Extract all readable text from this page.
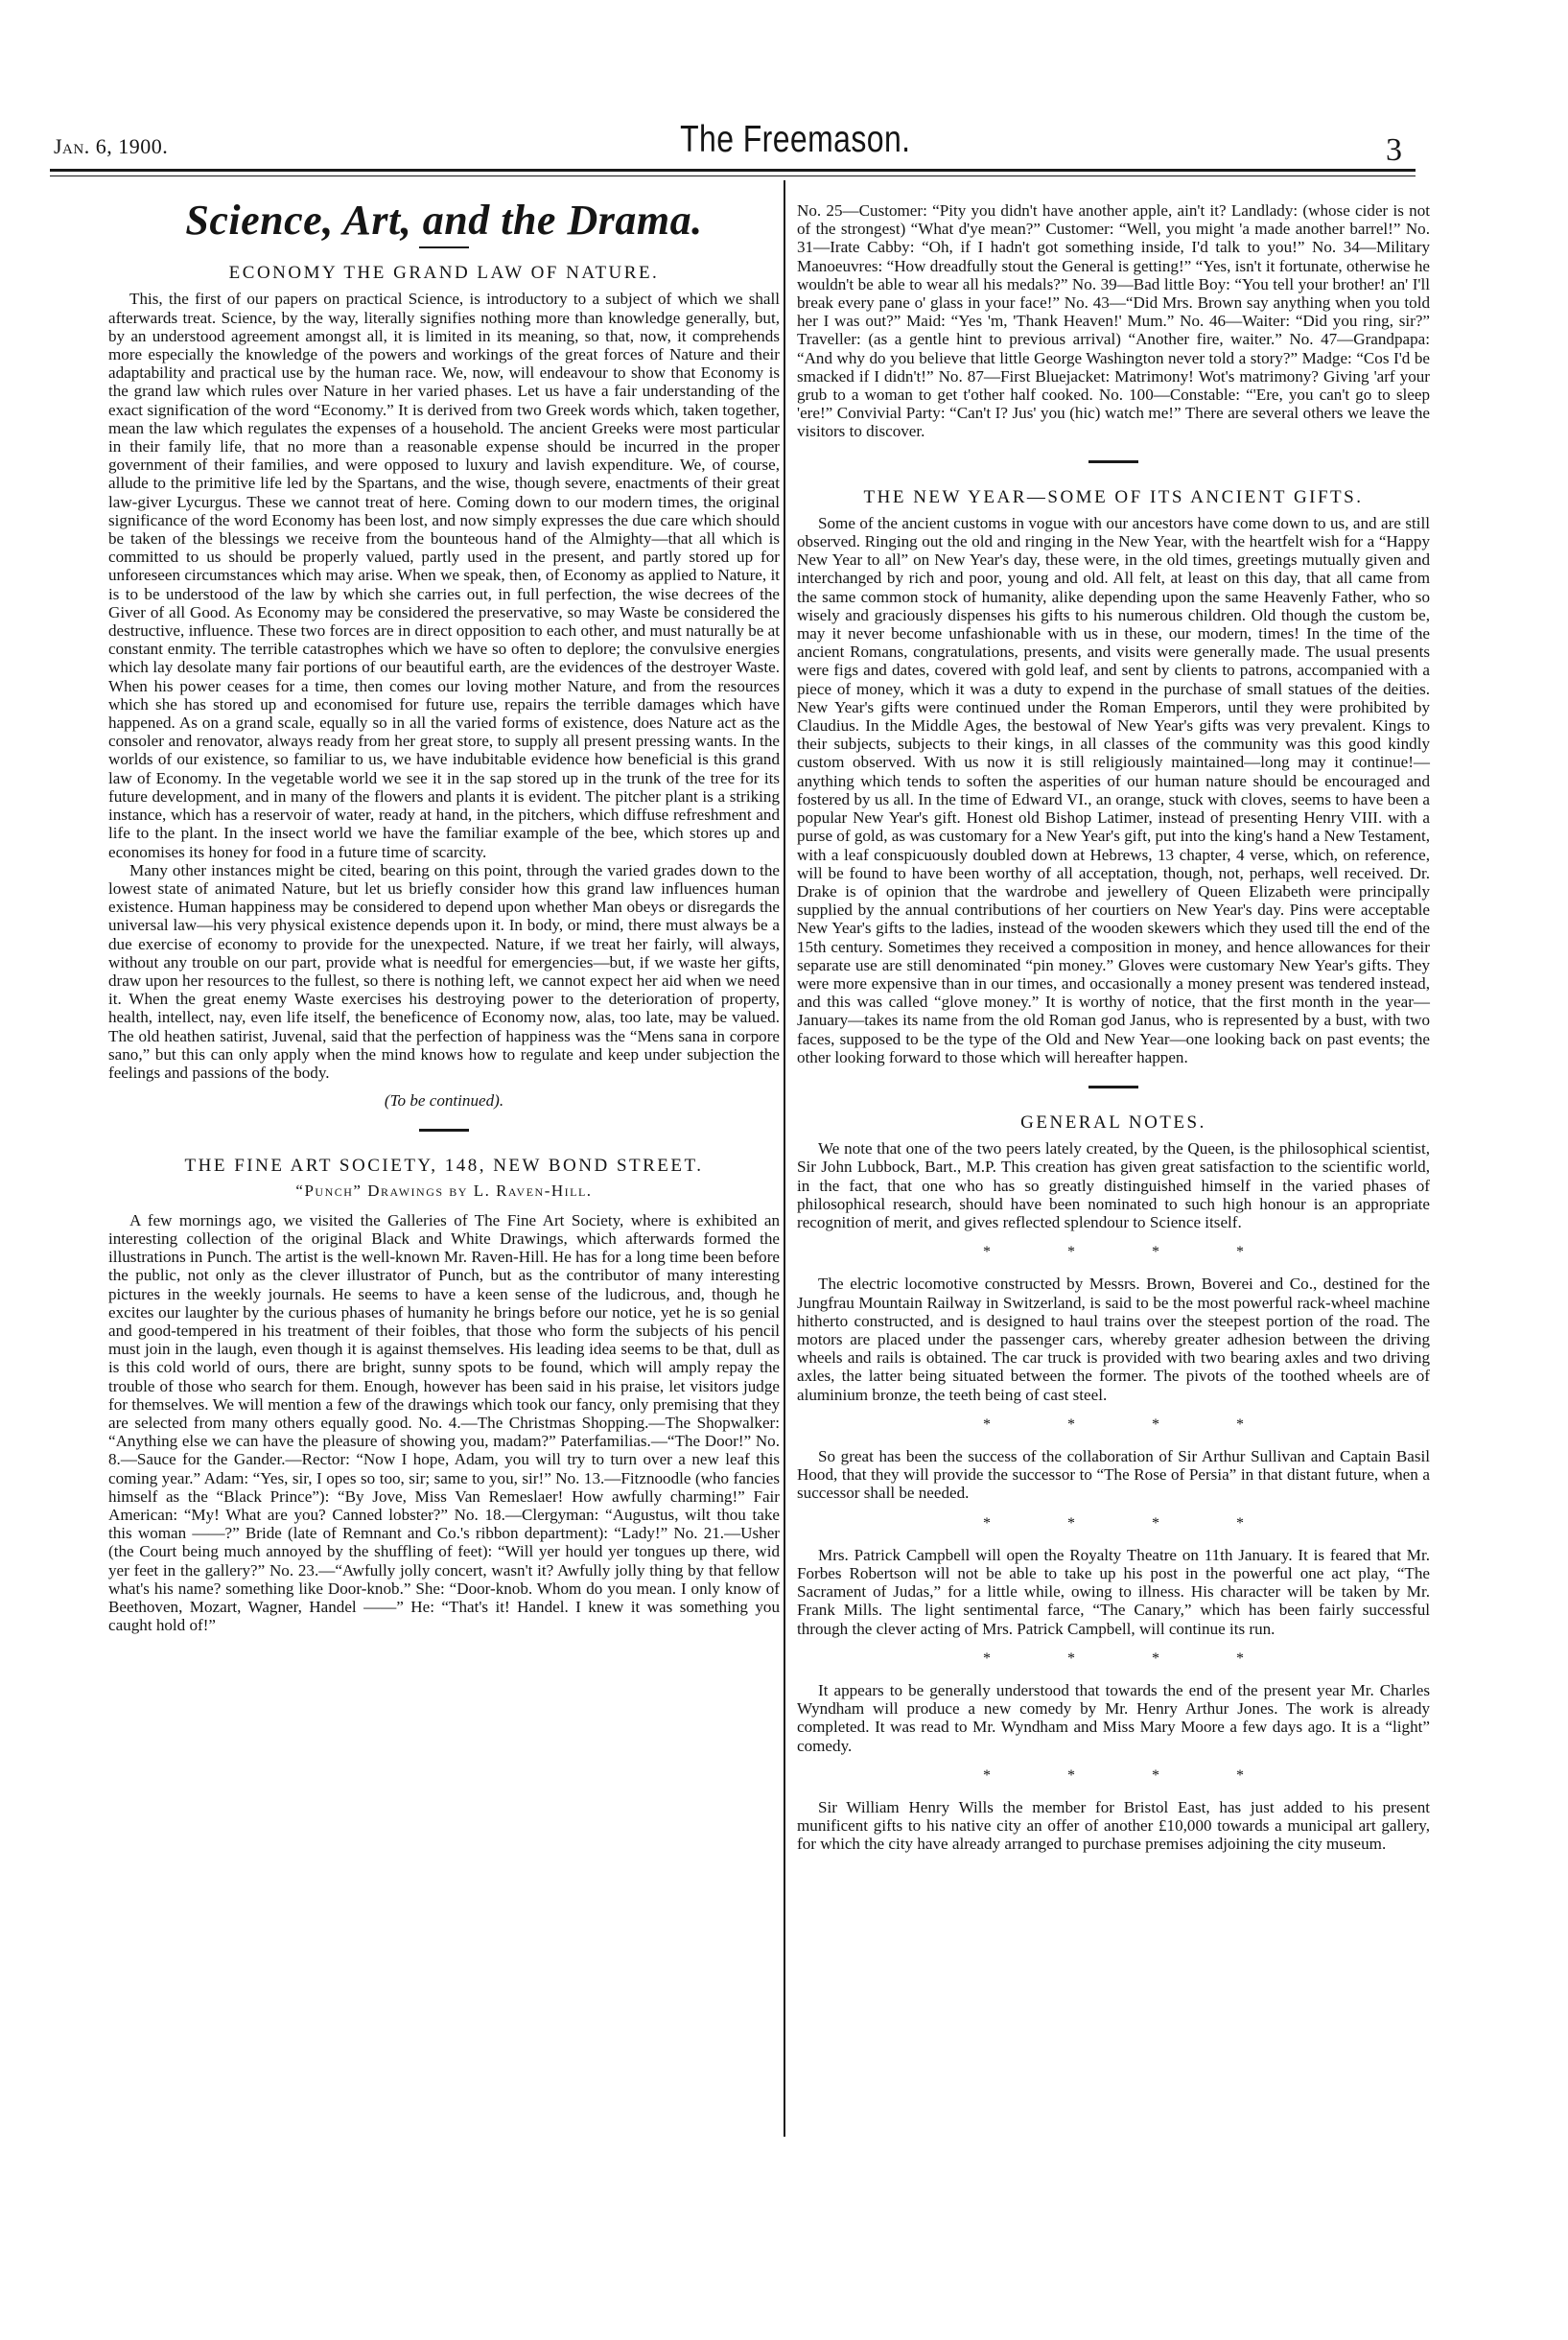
Jan. 6, 1900.	The Freemason.	3
Science, Art, and the Drama.
ECONOMY THE GRAND LAW OF NATURE.

This, the first of our papers on practical Science, is introductory to a subject of which we shall afterwards treat. Science, by the way, literally signifies nothing more than knowledge generally, but, by an understood agreement amongst all, it is limited in its meaning, so that, now, it comprehends more especially the knowledge of the powers and workings of the great forces of Nature and their adaptability and practical use by the human race. We, now, will endeavour to show that Economy is the grand law which rules over Nature in her varied phases. Let us have a fair understanding of the exact signification of the word “Economy.” It is derived from two Greek words which, taken together, mean the law which regulates the expenses of a household. The ancient Greeks were most particular in their family life, that no more than a reasonable expense should be incurred in the proper government of their families, and were opposed to luxury and lavish expenditure. We, of course, allude to the primitive life led by the Spartans, and the wise, though severe, enactments of their great law-giver Lycurgus. These we cannot treat of here. Coming down to our modern times, the original significance of the word Economy has been lost, and now simply expresses the due care which should be taken of the blessings we receive from the bounteous hand of the Almighty—that all which is committed to us should be properly valued, partly used in the present, and partly stored up for unforeseen circumstances which may arise. When we speak, then, of Economy as applied to Nature, it is to be understood of the law by which she carries out, in full perfection, the wise decrees of the Giver of all Good. As Economy may be considered the preservative, so may Waste be considered the destructive, influence. These two forces are in direct opposition to each other, and must naturally be at constant enmity. The terrible catastrophes which we have so often to deplore; the convulsive energies which lay desolate many fair portions of our beautiful earth, are the evidences of the destroyer Waste. When his power ceases for a time, then comes our loving mother Nature, and from the resources which she has stored up and economised for future use, repairs the terrible damages which have happened. As on a grand scale, equally so in all the varied forms of existence, does Nature act as the consoler and renovator, always ready from her great store, to supply all present pressing wants. In the worlds of our existence, so familiar to us, we have indubitable evidence how beneficial is this grand law of Economy. In the vegetable world we see it in the sap stored up in the trunk of the tree for its future development, and in many of the flowers and plants it is evident. The pitcher plant is a striking instance, which has a reservoir of water, ready at hand, in the pitchers, which diffuse refreshment and life to the plant. In the insect world we have the familiar example of the bee, which stores up and economises its honey for food in a future time of scarcity.

Many other instances might be cited, bearing on this point, through the varied grades down to the lowest state of animated Nature, but let us briefly consider how this grand law influences human existence. Human happiness may be considered to depend upon whether Man obeys or disregards the universal law—his very physical existence depends upon it. In body, or mind, there must always be a due exercise of economy to provide for the unexpected. Nature, if we treat her fairly, will always, without any trouble on our part, provide what is needful for emergencies—but, if we waste her gifts, draw upon her resources to the fullest, so there is nothing left, we cannot expect her aid when we need it. When the great enemy Waste exercises his destroying power to the deterioration of property, health, intellect, nay, even life itself, the beneficence of Economy now, alas, too late, may be valued. The old heathen satirist, Juvenal, said that the perfection of happiness was the “Mens sana in corpore sano,” but this can only apply when the mind knows how to regulate and keep under subjection the feelings and passions of the body.

(To be continued).
THE FINE ART SOCIETY, 148, NEW BOND STREET.
“Punch” Drawings by L. Raven-Hill.

A few mornings ago, we visited the Galleries of The Fine Art Society, where is exhibited an interesting collection of the original Black and White Drawings, which afterwards formed the illustrations in Punch. The artist is the well-known Mr. Raven-Hill. He has for a long time been before the public, not only as the clever illustrator of Punch, but as the contributor of many interesting pictures in the weekly journals. He seems to have a keen sense of the ludicrous, and, though he excites our laughter by the curious phases of humanity he brings before our notice, yet he is so genial and good-tempered in his treatment of their foibles, that those who form the subjects of his pencil must join in the laugh, even though it is against themselves. His leading idea seems to be that, dull as is this cold world of ours, there are bright, sunny spots to be found, which will amply repay the trouble of those who search for them. Enough, however has been said in his praise, let visitors judge for themselves. We will mention a few of the drawings which took our fancy, only premising that they are selected from many others equally good. No. 4.—The Christmas Shopping.—The Shopwalker: “Anything else we can have the pleasure of showing you, madam?” Paterfamilias.—“The Door!” No. 8.—Sauce for the Gander.—Rector: “Now I hope, Adam, you will try to turn over a new leaf this coming year.” Adam: “Yes, sir, I opes so too, sir; same to you, sir!” No. 13.—Fitznoodle (who fancies himself as the “Black Prince”): “By Jove, Miss Van Remeslaer! How awfully charming!” Fair American: “My! What are you? Canned lobster?” No. 18.—Clergyman: “Augustus, wilt thou take this woman ——?” Bride (late of Remnant and Co.'s ribbon department): “Lady!” No. 21.—Usher (the Court being much annoyed by the shuffling of feet): “Will yer hould yer tongues up there, wid yer feet in the gallery?” No. 23.—“Awfully jolly concert, wasn't it? Awfully jolly thing by that fellow what's his name? something like Door-knob.” She: “Door-knob. Whom do you mean. I only know of Beethoven, Mozart, Wagner, Handel ——” He: “That's it! Handel. I knew it was something you caught hold of!”

No. 25—Customer: “Pity you didn't have another apple, ain't it? Landlady: (whose cider is not of the strongest) “What d'ye mean?” Customer: “Well, you might 'a made another barrel!” No. 31—Irate Cabby: “Oh, if I hadn't got something inside, I'd talk to you!” No. 34—Military Manoeuvres: “How dreadfully stout the General is getting!” “Yes, isn't it fortunate, otherwise he wouldn't be able to wear all his medals?” No. 39—Bad little Boy: “You tell your brother! an' I'll break every pane o' glass in your face!” No. 43—“Did Mrs. Brown say anything when you told her I was out?” Maid: “Yes 'm, 'Thank Heaven!' Mum.” No. 46—Waiter: “Did you ring, sir?” Traveller: (as a gentle hint to previous arrival) “Another fire, waiter.” No. 47—Grandpapa: “And why do you believe that little George Washington never told a story?” Madge: “Cos I'd be smacked if I didn't!” No. 87—First Bluejacket: Matrimony! Wot's matrimony? Giving 'arf your grub to a woman to get t'other half cooked. No. 100—Constable: “'Ere, you can't go to sleep 'ere!” Convivial Party: “Can't I? Jus' you (hic) watch me!” There are several others we leave the visitors to discover.

THE NEW YEAR—SOME OF ITS ANCIENT GIFTS.

Some of the ancient customs in vogue with our ancestors have come down to us, and are still observed. Ringing out the old and ringing in the New Year, with the heartfelt wish for a “Happy New Year to all” on New Year's day, these were, in the old times, greetings mutually given and interchanged by rich and poor, young and old. All felt, at least on this day, that all came from the same common stock of humanity, alike depending upon the same Heavenly Father, who so wisely and graciously dispenses his gifts to his numerous children. Old though the custom be, may it never become unfashionable with us in these, our modern, times! In the time of the ancient Romans, congratulations, presents, and visits were generally made. The usual presents were figs and dates, covered with gold leaf, and sent by clients to patrons, accompanied with a piece of money, which it was a duty to expend in the purchase of small statues of the deities. New Year's gifts were continued under the Roman Emperors, until they were prohibited by Claudius. In the Middle Ages, the bestowal of New Year's gifts was very prevalent. Kings to their subjects, subjects to their kings, in all classes of the community was this good kindly custom observed. With us now it is still religiously maintained—long may it continue!—anything which tends to soften the asperities of our human nature should be encouraged and fostered by us all. In the time of Edward VI., an orange, stuck with cloves, seems to have been a popular New Year's gift. Honest old Bishop Latimer, instead of presenting Henry VIII. with a purse of gold, as was customary for a New Year's gift, put into the king's hand a New Testament, with a leaf conspicuously doubled down at Hebrews, 13 chapter, 4 verse, which, on reference, will be found to have been worthy of all acceptation, though, not, perhaps, well received. Dr. Drake is of opinion that the wardrobe and jewellery of Queen Elizabeth were principally supplied by the annual contributions of her courtiers on New Year's day. Pins were acceptable New Year's gifts to the ladies, instead of the wooden skewers which they used till the end of the 15th century. Sometimes they received a composition in money, and hence allowances for their separate use are still denominated “pin money.” Gloves were customary New Year's gifts. They were more expensive than in our times, and occasionally a money present was tendered instead, and this was called “glove money.” It is worthy of notice, that the first month in the year—January—takes its name from the old Roman god Janus, who is represented by a bust, with two faces, supposed to be the type of the Old and New Year—one looking back on past events; the other looking forward to those which will hereafter happen.

GENERAL NOTES.

We note that one of the two peers lately created, by the Queen, is the philosophical scientist, Sir John Lubbock, Bart., M.P. This creation has given great satisfaction to the scientific world, in the fact, that one who has so greatly distinguished himself in the varied phases of philosophical research, should have been nominated to such high honour is an appropriate recognition of merit, and gives reflected splendour to Science itself.

* * * *

The electric locomotive constructed by Messrs. Brown, Boverei and Co., destined for the Jungfrau Mountain Railway in Switzerland, is said to be the most powerful rack-wheel machine hitherto constructed, and is designed to haul trains over the steepest portion of the road. The motors are placed under the passenger cars, whereby greater adhesion between the driving wheels and rails is obtained. The car truck is provided with two bearing axles and two driving axles, the latter being situated between the former. The pivots of the toothed wheels are of aluminium bronze, the teeth being of cast steel.

* * * *

So great has been the success of the collaboration of Sir Arthur Sullivan and Captain Basil Hood, that they will provide the successor to “The Rose of Persia” in that distant future, when a successor shall be needed.

* * * *

Mrs. Patrick Campbell will open the Royalty Theatre on 11th January. It is feared that Mr. Forbes Robertson will not be able to take up his post in the powerful one act play, “The Sacrament of Judas,” for a little while, owing to illness. His character will be taken by Mr. Frank Mills. The light sentimental farce, “The Canary,” which has been fairly successful through the clever acting of Mrs. Patrick Campbell, will continue its run.

* * * *

It appears to be generally understood that towards the end of the present year Mr. Charles Wyndham will produce a new comedy by Mr. Henry Arthur Jones. The work is already completed. It was read to Mr. Wyndham and Miss Mary Moore a few days ago. It is a “light” comedy.

* * * *

Sir William Henry Wills the member for Bristol East, has just added to his present munificent gifts to his native city an offer of another £10,000 towards a municipal art gallery, for which the city have already arranged to purchase premises adjoining the city museum.
